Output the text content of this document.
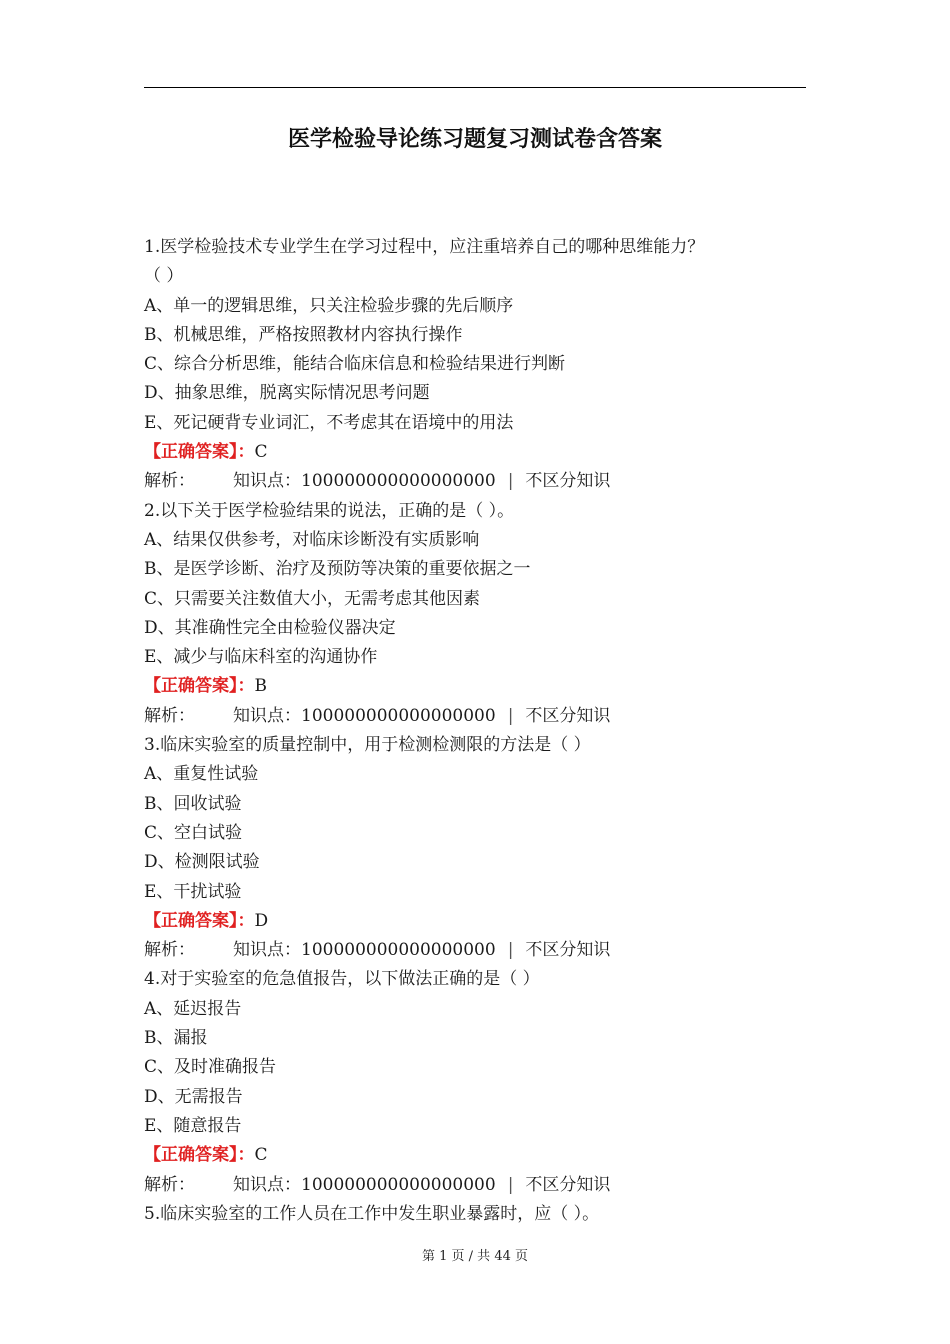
医学检验导论练习题复习测试卷含答案
1.医学检验技术专业学生在学习过程中，应注重培养自己的哪种思维能力？
（ ）
A、单一的逻辑思维，只关注检验步骤的先后顺序
B、机械思维，严格按照教材内容执行操作
C、综合分析思维，能结合临床信息和检验结果进行判断
D、抽象思维，脱离实际情况思考问题
E、死记硬背专业词汇，不考虑其在语境中的用法
【正确答案】：C
解析： 知识点：100000000000000000 | 不区分知识
2.以下关于医学检验结果的说法，正确的是（ ）。
A、结果仅供参考，对临床诊断没有实质影响
B、是医学诊断、治疗及预防等决策的重要依据之一
C、只需要关注数值大小，无需考虑其他因素
D、其准确性完全由检验仪器决定
E、减少与临床科室的沟通协作
【正确答案】：B
解析： 知识点：100000000000000000 | 不区分知识
3.临床实验室的质量控制中，用于检测检测限的方法是（ ）
A、重复性试验
B、回收试验
C、空白试验
D、检测限试验
E、干扰试验
【正确答案】：D
解析： 知识点：100000000000000000 | 不区分知识
4.对于实验室的危急值报告，以下做法正确的是（ ）
A、延迟报告
B、漏报
C、及时准确报告
D、无需报告
E、随意报告
【正确答案】：C
解析： 知识点：100000000000000000 | 不区分知识
5.临床实验室的工作人员在工作中发生职业暴露时，应（ ）。
第 1 页 / 共 44 页
